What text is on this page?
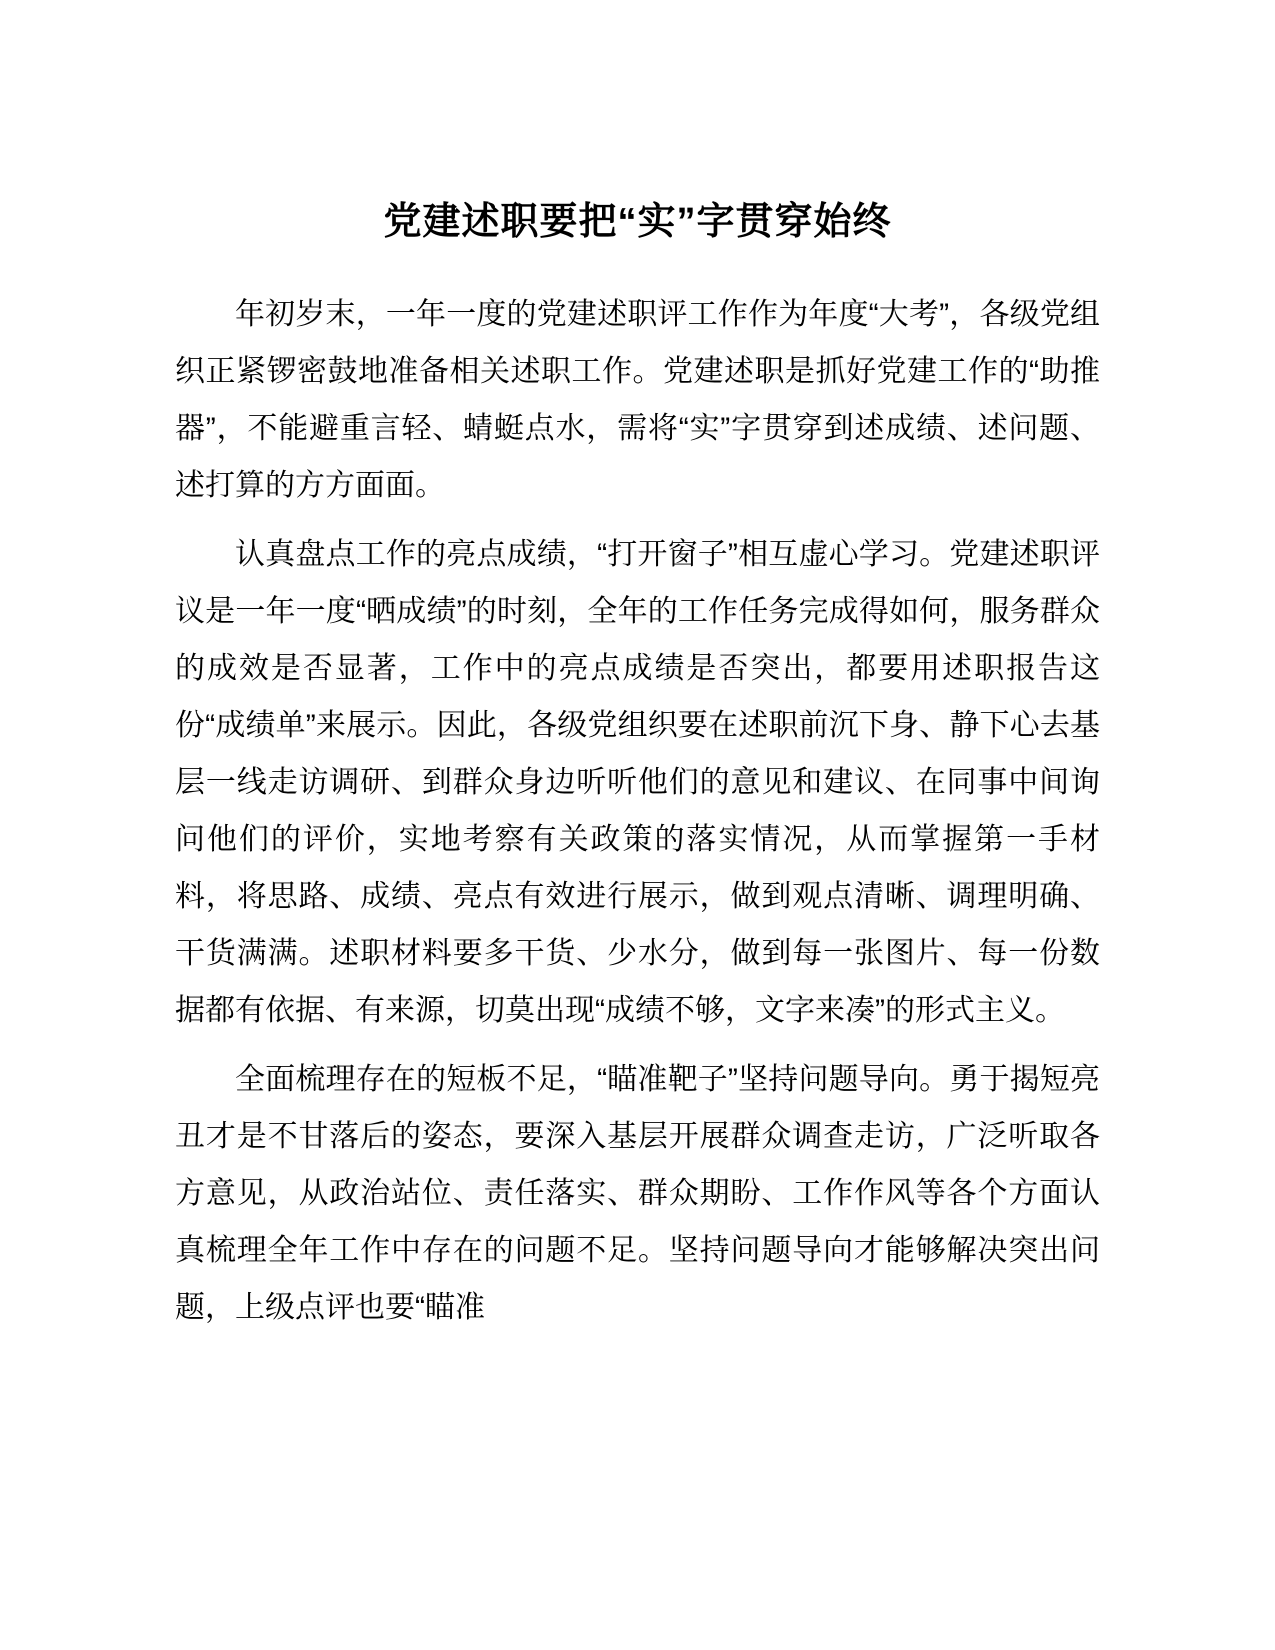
党建述职要把“实”字贯穿始终

年初岁末，一年一度的党建述职评工作作为年度“大考”，各级党组织正紧锣密鼓地准备相关述职工作。党建述职是抓好党建工作的“助推器”，不能避重言轻、蜻蜓点水，需将“实”字贯穿到述成绩、述问题、述打算的方方面面。

认真盘点工作的亮点成绩，“打开窗子”相互虚心学习。党建述职评议是一年一度“晒成绩”的时刻，全年的工作任务完成得如何，服务群众的成效是否显著，工作中的亮点成绩是否突出，都要用述职报告这份“成绩单”来展示。因此，各级党组织要在述职前沉下身、静下心去基层一线走访调研、到群众身边听听他们的意见和建议、在同事中间询问他们的评价，实地考察有关政策的落实情况，从而掌握第一手材料，将思路、成绩、亮点有效进行展示，做到观点清晰、调理明确、干货满满。述职材料要多干货、少水分，做到每一张图片、每一份数据都有依据、有来源，切莫出现“成绩不够，文字来凑”的形式主义。

全面梳理存在的短板不足，“瞄准靶子”坚持问题导向。勇于揭短亮丑才是不甘落后的姿态，要深入基层开展群众调查走访，广泛听取各方意见，从政治站位、责任落实、群众期盼、工作作风等各个方面认真梳理全年工作中存在的问题不足。坚持问题导向才能够解决突出问题，上级点评也要“瞄准
